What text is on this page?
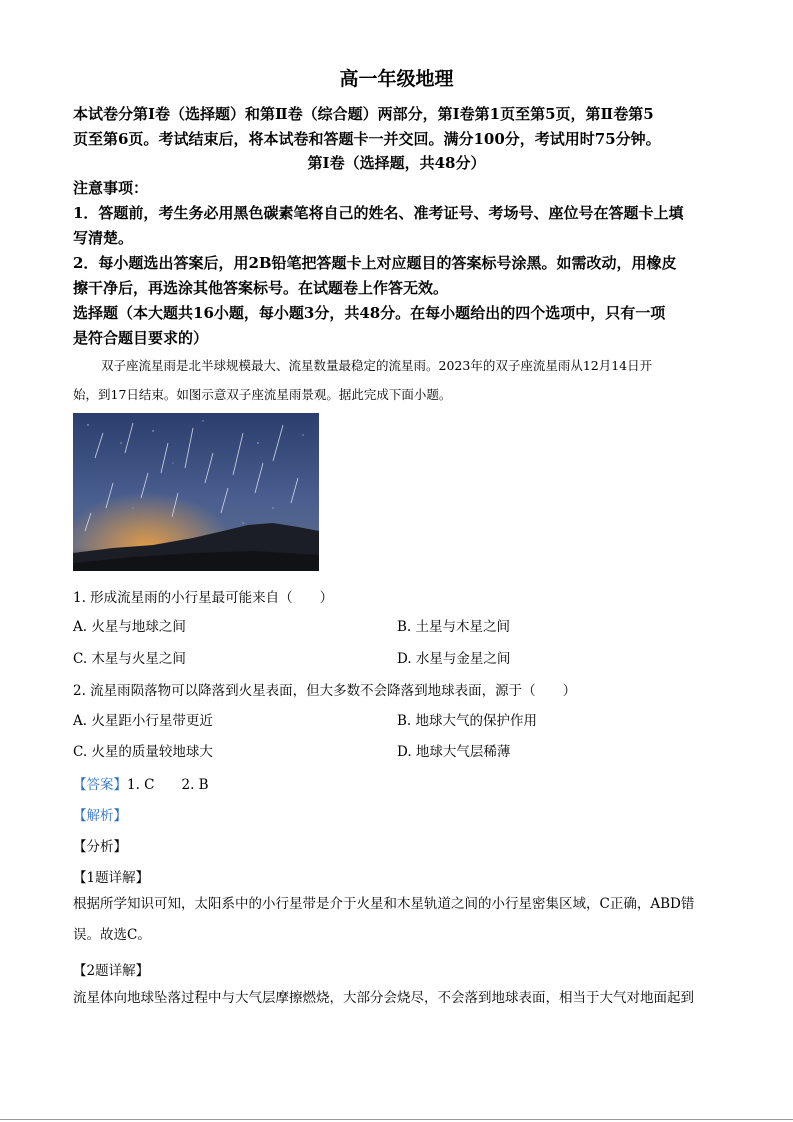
高一年级地理
本试卷分第Ⅰ卷（选择题）和第Ⅱ卷（综合题）两部分，第Ⅰ卷第1页至第5页，第Ⅱ卷第5
页至第6页。考试结束后，将本试卷和答题卡一并交回。满分100分，考试用时75分钟。
第Ⅰ卷（选择题，共48分）
注意事项：
1．答题前，考生务必用黑色碳素笔将自己的姓名、准考证号、考场号、座位号在答题卡上填
写清楚。
2．每小题选出答案后，用2B铅笔把答题卡上对应题目的答案标号涂黑。如需改动，用橡皮
擦干净后，再选涂其他答案标号。在试题卷上作答无效。
选择题（本大题共16小题，每小题3分，共48分。在每小题给出的四个选项中，只有一项
是符合题目要求的）
双子座流星雨是北半球规模最大、流星数量最稳定的流星雨。2023年的双子座流星雨从12月14日开
始，到17日结束。如图示意双子座流星雨景观。据此完成下面小题。
1. 形成流星雨的小行星最可能来自（　　）
A. 火星与地球之间	B. 土星与木星之间
C. 木星与火星之间	D. 水星与金星之间
2. 流星雨陨落物可以降落到火星表面，但大多数不会降落到地球表面，源于（　　）
A. 火星距小行星带更近	B. 地球大气的保护作用
C. 火星的质量较地球大	D. 地球大气层稀薄
【答案】1. C　　2. B
【解析】
【分析】
【1题详解】
根据所学知识可知，太阳系中的小行星带是介于火星和木星轨道之间的小行星密集区域，C正确，ABD错
误。故选C。
【2题详解】
流星体向地球坠落过程中与大气层摩擦燃烧，大部分会烧尽，不会落到地球表面，相当于大气对地面起到
